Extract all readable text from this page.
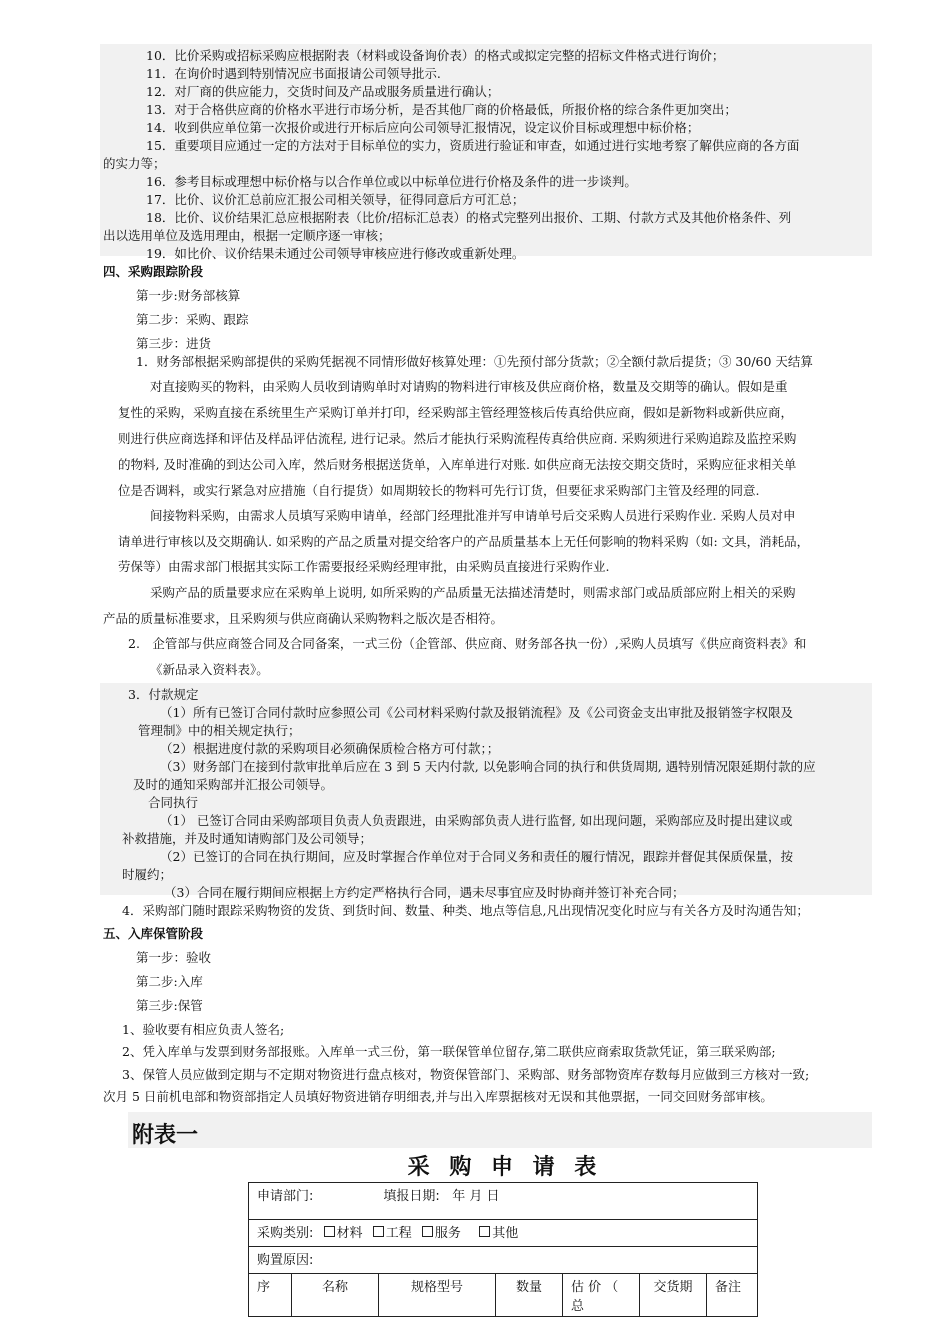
10．比价采购或招标采购应根据附表（材料或设备询价表）的格式或拟定完整的招标文件格式进行询价；
11．在询价时遇到特别情况应书面报请公司领导批示.
12．对厂商的供应能力，交货时间及产品或服务质量进行确认；
13．对于合格供应商的价格水平进行市场分析，是否其他厂商的价格最低，所报价格的综合条件更加突出；
14．收到供应单位第一次报价或进行开标后应向公司领导汇报情况，设定议价目标或理想中标价格；
15．重要项目应通过一定的方法对于目标单位的实力，资质进行验证和审查，如通过进行实地考察了解供应商的各方面
的实力等；
16．参考目标或理想中标价格与以合作单位或以中标单位进行价格及条件的进一步谈判。
17．比价、议价汇总前应汇报公司相关领导，征得同意后方可汇总；
18．比价、议价结果汇总应根据附表（比价/招标汇总表）的格式完整列出报价、工期、付款方式及其他价格条件、列
出以选用单位及选用理由，根据一定顺序逐一审核；
19．如比价、议价结果未通过公司领导审核应进行修改或重新处理。
四、采购跟踪阶段
第一步:财务部核算
第二步：采购、跟踪
第三步：进货
1．财务部根据采购部提供的采购凭据视不同情形做好核算处理：①先预付部分货款；②全额付款后提货；③ 30/60 天结算
对直接购买的物料，由采购人员收到请购单时对请购的物料进行审核及供应商价格，数量及交期等的确认。假如是重
复性的采购，采购直接在系统里生产采购订单并打印，经采购部主管经理签核后传真给供应商，假如是新物料或新供应商，
则进行供应商选择和评估及样品评估流程, 进行记录。然后才能执行采购流程传真给供应商. 采购须进行采购追踪及监控采购
的物料, 及时准确的到达公司入库，然后财务根据送货单，入库单进行对账. 如供应商无法按交期交货时，采购应征求相关单
位是否调料，或实行紧急对应措施（自行提货）如周期较长的物料可先行订货，但要征求采购部门主管及经理的同意.
间接物料采购，由需求人员填写采购申请单，经部门经理批准并写申请单号后交采购人员进行采购作业. 采购人员对申
请单进行审核以及交期确认. 如采购的产品之质量对提交给客户的产品质量基本上无任何影响的物料采购（如: 文具，消耗品，
劳保等）由需求部门根据其实际工作需要报经采购经理审批，由采购员直接进行采购作业.
采购产品的质量要求应在采购单上说明, 如所采购的产品质量无法描述清楚时，则需求部门或品质部应附上相关的采购
产品的质量标准要求，且采购须与供应商确认采购物料之版次是否相符。
2.　企管部与供应商签合同及合同备案，一式三份（企管部、供应商、财务部各执一份）,采购人员填写《供应商资料表》和
《新品录入资料表》。
3．付款规定
（1）所有已签订合同付款时应参照公司《公司材料采购付款及报销流程》及《公司资金支出审批及报销签字权限及
管理制》中的相关规定执行；
（2）根据进度付款的采购项目必须确保质检合格方可付款；；
（3）财务部门在接到付款审批单后应在 3 到 5 天内付款, 以免影响合同的执行和供货周期, 遇特别情况限延期付款的应
及时的通知采购部并汇报公司领导。
合同执行
（1） 已签订合同由采购部项目负责人负责跟进，由采购部负责人进行监督, 如出现问题，采购部应及时提出建议或
补救措施，并及时通知请购部门及公司领导；
（2）已签订的合同在执行期间，应及时掌握合作单位对于合同义务和责任的履行情况，跟踪并督促其保质保量，按
时履约；
（3）合同在履行期间应根据上方约定严格执行合同，遇未尽事宜应及时协商并签订补充合同；
4．采购部门随时跟踪采购物资的发货、到货时间、数量、种类、地点等信息,凡出现情况变化时应与有关各方及时沟通告知；
五、入库保管阶段
第一步：验收
第二步:入库
第三步:保管
1、验收要有相应负责人签名;
2、凭入库单与发票到财务部报账。入库单一式三份，第一联保管单位留存,第二联供应商索取货款凭证，第三联采购部;
3、保管人员应做到定期与不定期对物资进行盘点核对，物资保管部门、采购部、财务部物资库存数每月应做到三方核对一致;
次月 5 日前机电部和物资部指定人员填好物资进销存明细表,并与出入库票据核对无误和其他票据，一同交回财务部审核。
附表一
采 购 申 请 表
申请部门:	填报日期: 年 月 日
采购类别: 材料 工程 服务 其他
购置原因:
序	名称	规格型号	数量	估 价 （ 总	交货期	备注
